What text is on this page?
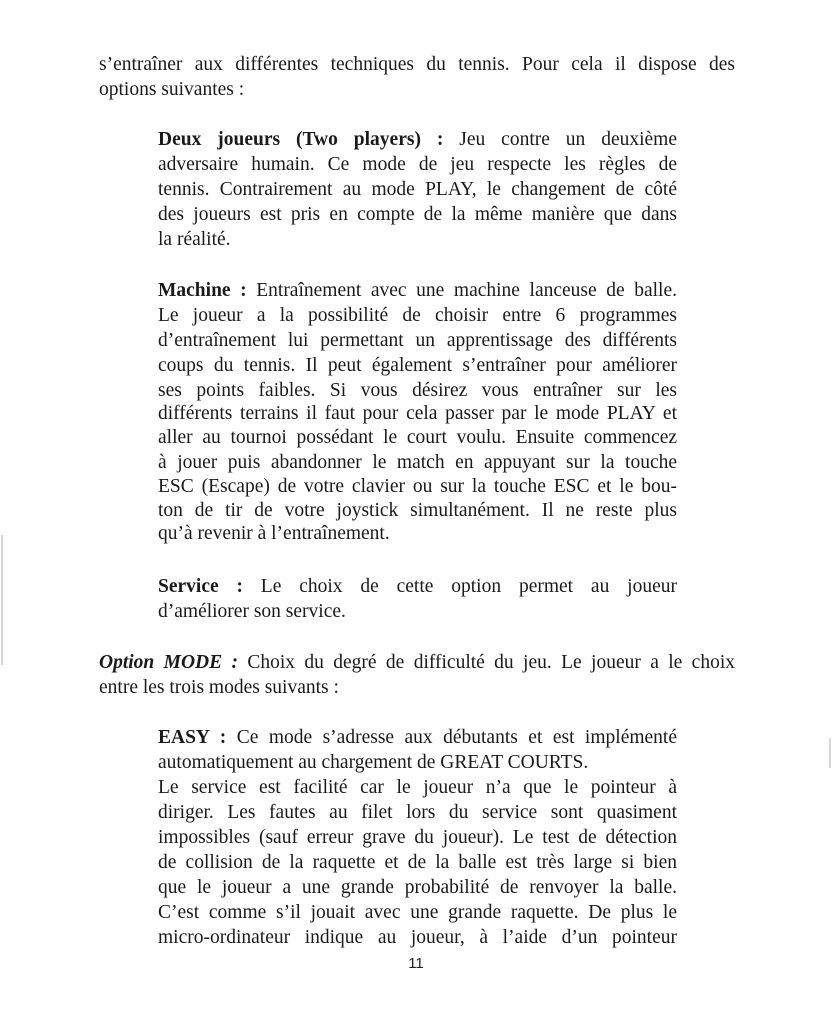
s’entraîner aux différentes techniques du tennis. Pour cela il dispose des
options suivantes :
Deux joueurs (Two players) : Jeu contre un deuxième
adversaire humain. Ce mode de jeu respecte les règles de
tennis. Contrairement au mode PLAY, le changement de côté
des joueurs est pris en compte de la même manière que dans
la réalité.
Machine : Entraînement avec une machine lanceuse de balle.
Le joueur a la possibilité de choisir entre 6 programmes
d’entraînement lui permettant un apprentissage des différents
coups du tennis. Il peut également s’entraîner pour améliorer
ses points faibles. Si vous désirez vous entraîner sur les
différents terrains il faut pour cela passer par le mode PLAY et
aller au tournoi possédant le court voulu. Ensuite commencez
à jouer puis abandonner le match en appuyant sur la touche
ESC (Escape) de votre clavier ou sur la touche ESC et le bou-
ton de tir de votre joystick simultanément. Il ne reste plus
qu’à revenir à l’entraînement.
Service : Le choix de cette option permet au joueur
d’améliorer son service.
Option MODE : Choix du degré de difficulté du jeu. Le joueur a le choix
entre les trois modes suivants :
EASY : Ce mode s’adresse aux débutants et est implémenté
automatiquement au chargement de GREAT COURTS.
Le service est facilité car le joueur n’a que le pointeur à
diriger. Les fautes au filet lors du service sont quasiment
impossibles (sauf erreur grave du joueur). Le test de détection
de collision de la raquette et de la balle est très large si bien
que le joueur a une grande probabilité de renvoyer la balle.
C’est comme s’il jouait avec une grande raquette. De plus le
micro-ordinateur indique au joueur, à l’aide d’un pointeur
11
